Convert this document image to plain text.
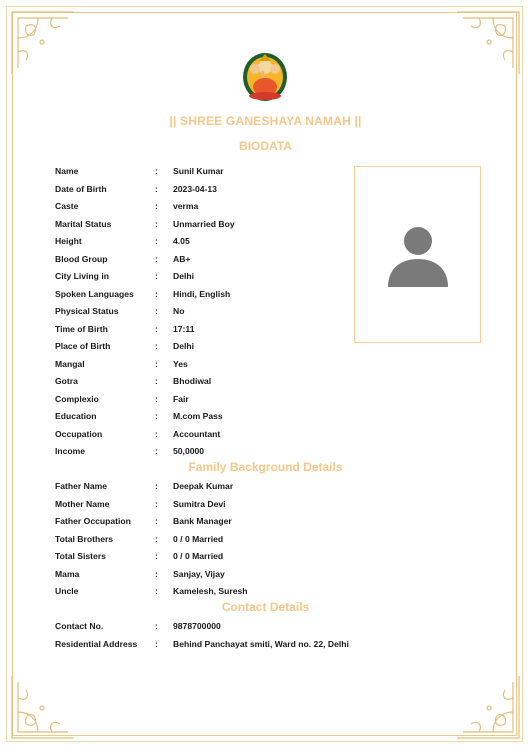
|| SHREE GANESHAYA NAMAH ||
BIODATA
Name	:	Sunil Kumar
Date of Birth	:	2023-04-13
Caste	:	verma
Marital Status	:	Unmarried Boy
Height	:	4.05
Blood Group	:	AB+
City Living in	:	Delhi
Spoken Languages	:	Hindi, English
Physical Status	:	No
Time of Birth	:	17:11
Place of Birth	:	Delhi
Mangal	:	Yes
Gotra	:	Bhodiwal
Complexio	:	Fair
Education	:	M.com Pass
Occupation	:	Accountant
Income	:	50,0000
Family Background Details
Father Name	:	Deepak Kumar
Mother Name	:	Sumitra Devi
Father Occupation	:	Bank Manager
Total Brothers	:	0 / 0 Married
Total Sisters	:	0 / 0 Married
Mama	:	Sanjay, Vijay
Uncle	:	Kamelesh, Suresh
Contact Details
Contact No.	:	9878700000
Residential Address	:	Behind Panchayat smiti, Ward no. 22, Delhi
